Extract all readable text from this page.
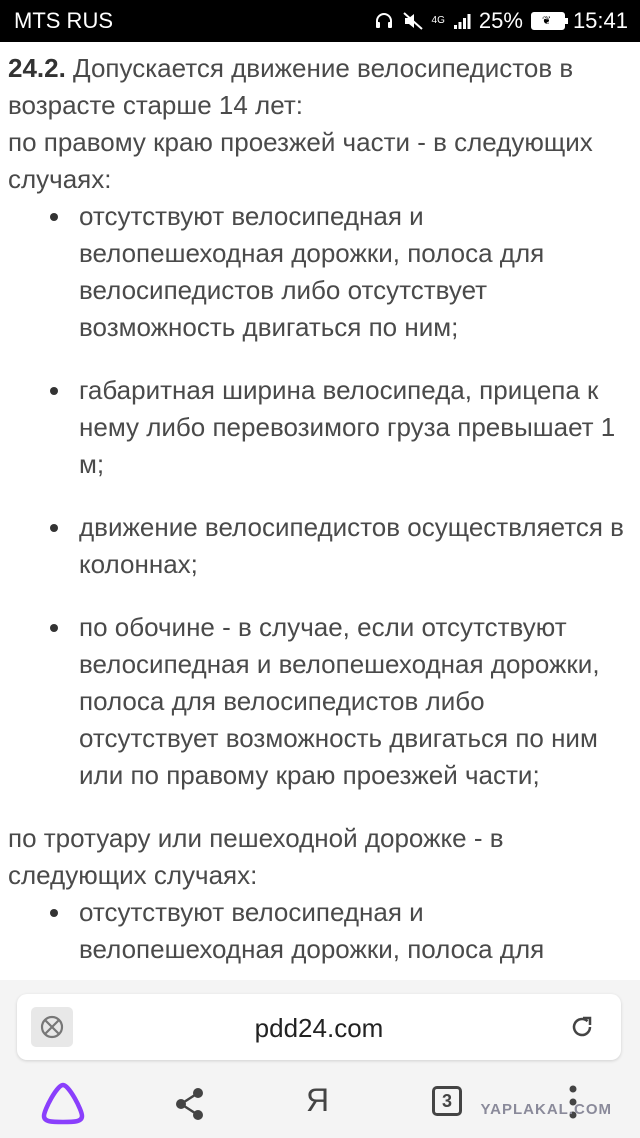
MTS RUS	4G 25% ❦ 15:41

24.2. Допускается движение велосипедистов в возрасте старше 14 лет:

по правому краю проезжей части - в следующих случаях:

отсутствуют велосипедная и велопешеходная дорожки, полоса для велосипедистов либо отсутствует возможность двигаться по ним;
габаритная ширина велосипеда, прицепа к нему либо перевозимого груза превышает 1 м;
движение велосипедистов осуществляется в колоннах;
по обочине - в случае, если отсутствуют велосипедная и велопешеходная дорожки, полоса для велосипедистов либо отсутствует возможность двигаться по ним или по правому краю проезжей части;

по тротуару или пешеходной дорожке - в следующих случаях:

отсутствуют велосипедная и велопешеходная дорожки, полоса для
pdd24.com
Я	3	YAPLAKAL.COM
